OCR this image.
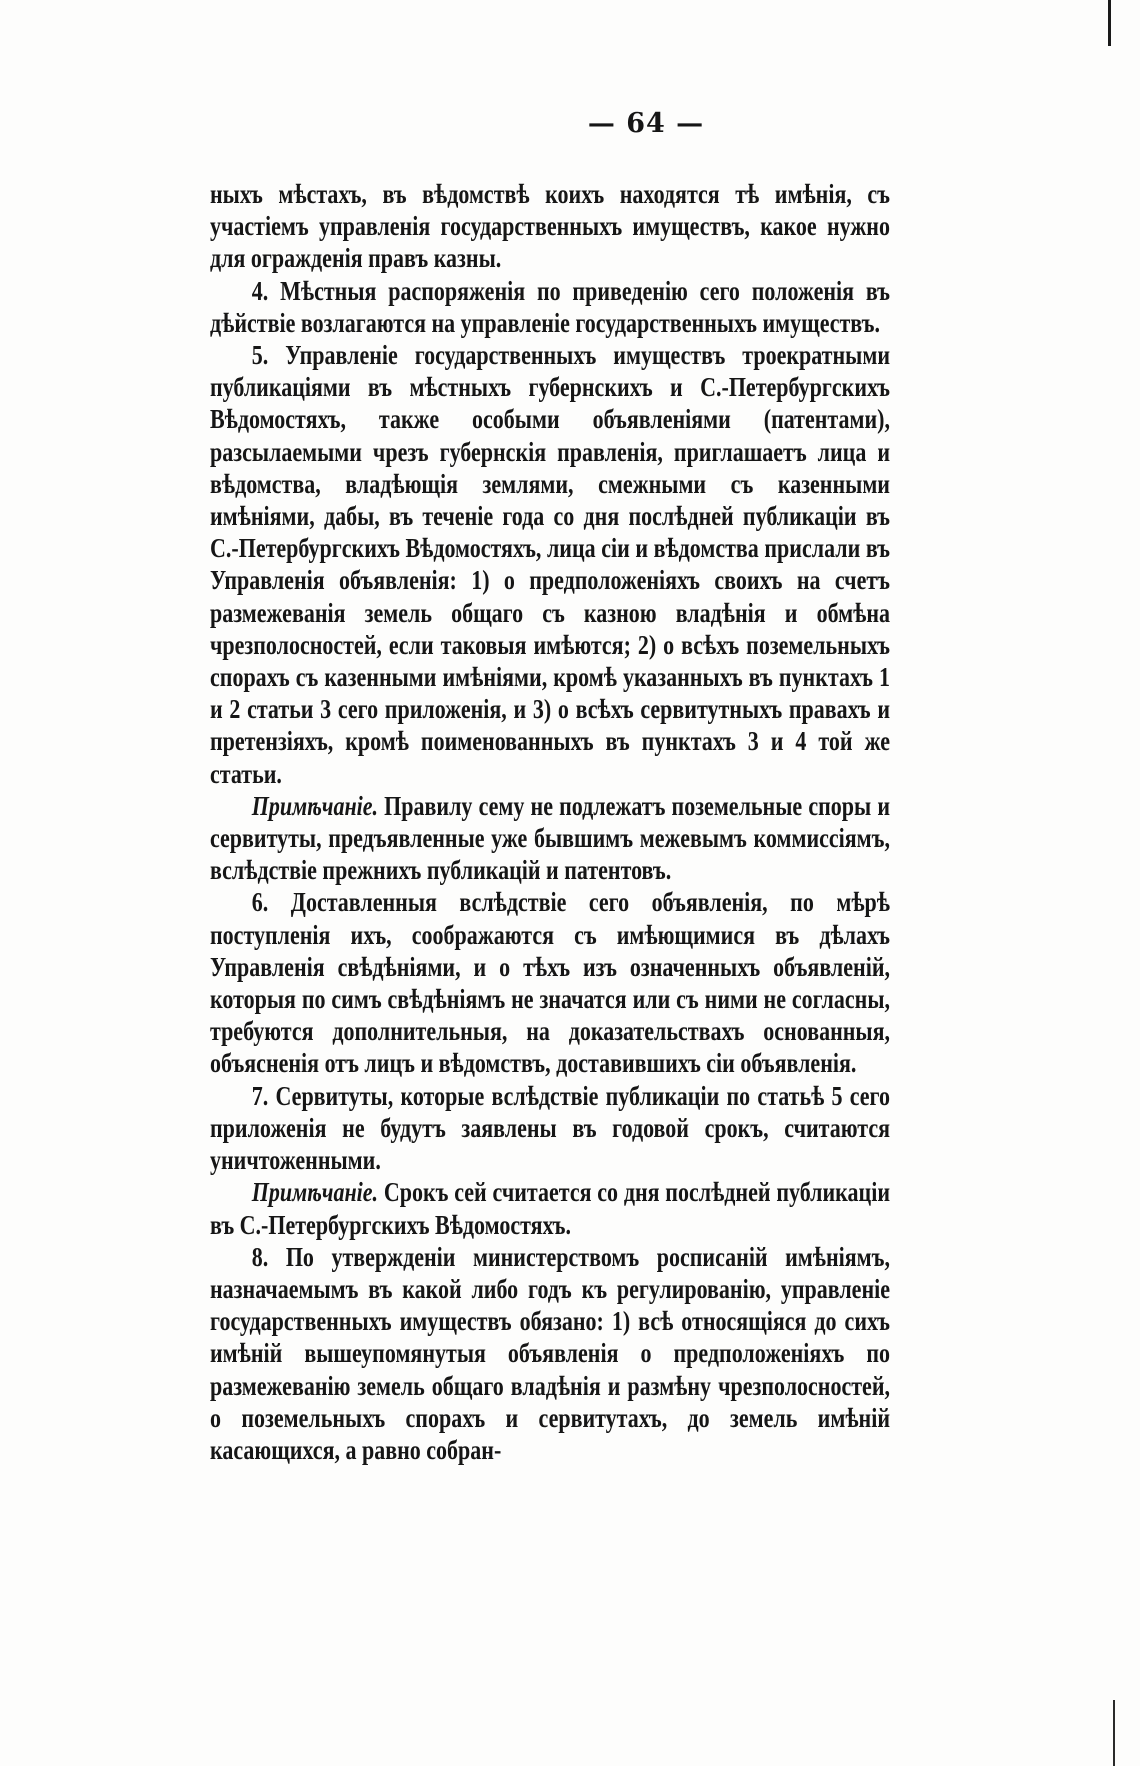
— 64 —

ныхъ мѣстахъ, въ вѣдомствѣ коихъ находятся тѣ имѣнія, съ участіемъ управленія государственныхъ имуществъ, какое нужно для огражденія правъ казны.

4. Мѣстныя распоряженія по приведенію сего положенія въ дѣйствіе возлагаются на управленіе государственныхъ имуществъ.

5. Управленіе государственныхъ имуществъ троекратными публикаціями въ мѣстныхъ губернскихъ и С.-Петербургскихъ Вѣдомостяхъ, также особыми объявленіями (патентами), разсылаемыми чрезъ губернскія правленія, приглашаетъ лица и вѣдомства, владѣющія землями, смежными съ казенными имѣніями, дабы, въ теченіе года со дня послѣдней публикаціи въ С.-Петербургскихъ Вѣдомостяхъ, лица сіи и вѣдомства прислали въ Управленія объявленія: 1) о предположеніяхъ своихъ на счетъ размежеванія земель общаго съ казною владѣнія и обмѣна чрезполосностей, если таковыя имѣются; 2) о всѣхъ поземельныхъ спорахъ съ казенными имѣніями, кромѣ указанныхъ въ пунктахъ 1 и 2 статьи 3 сего приложенія, и 3) о всѣхъ сервитутныхъ правахъ и претензіяхъ, кромѣ поименованныхъ въ пунктахъ 3 и 4 той же статьи.

Примѣчаніе. Правилу сему не подлежатъ поземельные споры и сервитуты, предъявленные уже бывшимъ межевымъ коммиссіямъ, вслѣдствіе прежнихъ публикацій и патентовъ.

6. Доставленныя вслѣдствіе сего объявленія, по мѣрѣ поступленія ихъ, соображаются съ имѣющимися въ дѣлахъ Управленія свѣдѣніями, и о тѣхъ изъ означенныхъ объявленій, которыя по симъ свѣдѣніямъ не значатся или съ ними не согласны, требуются дополнительныя, на доказательствахъ основанныя, объясненія отъ лицъ и вѣдомствъ, доставившихъ сіи объявленія.

7. Сервитуты, которые вслѣдствіе публикаціи по статьѣ 5 сего приложенія не будутъ заявлены въ годовой срокъ, считаются уничтоженными.

Примѣчаніе. Срокъ сей считается со дня послѣдней публикаціи въ С.-Петербургскихъ Вѣдомостяхъ.

8. По утвержденіи министерствомъ росписаній имѣніямъ, назначаемымъ въ какой либо годъ къ регулированію, управленіе государственныхъ имуществъ обязано: 1) всѣ относящіяся до сихъ имѣній вышеупомянутыя объявленія о предположеніяхъ по размежеванію земель общаго владѣнія и размѣну чрезполосностей, о поземельныхъ спорахъ и сервитутахъ, до земель имѣній касающихся, а равно собран-
